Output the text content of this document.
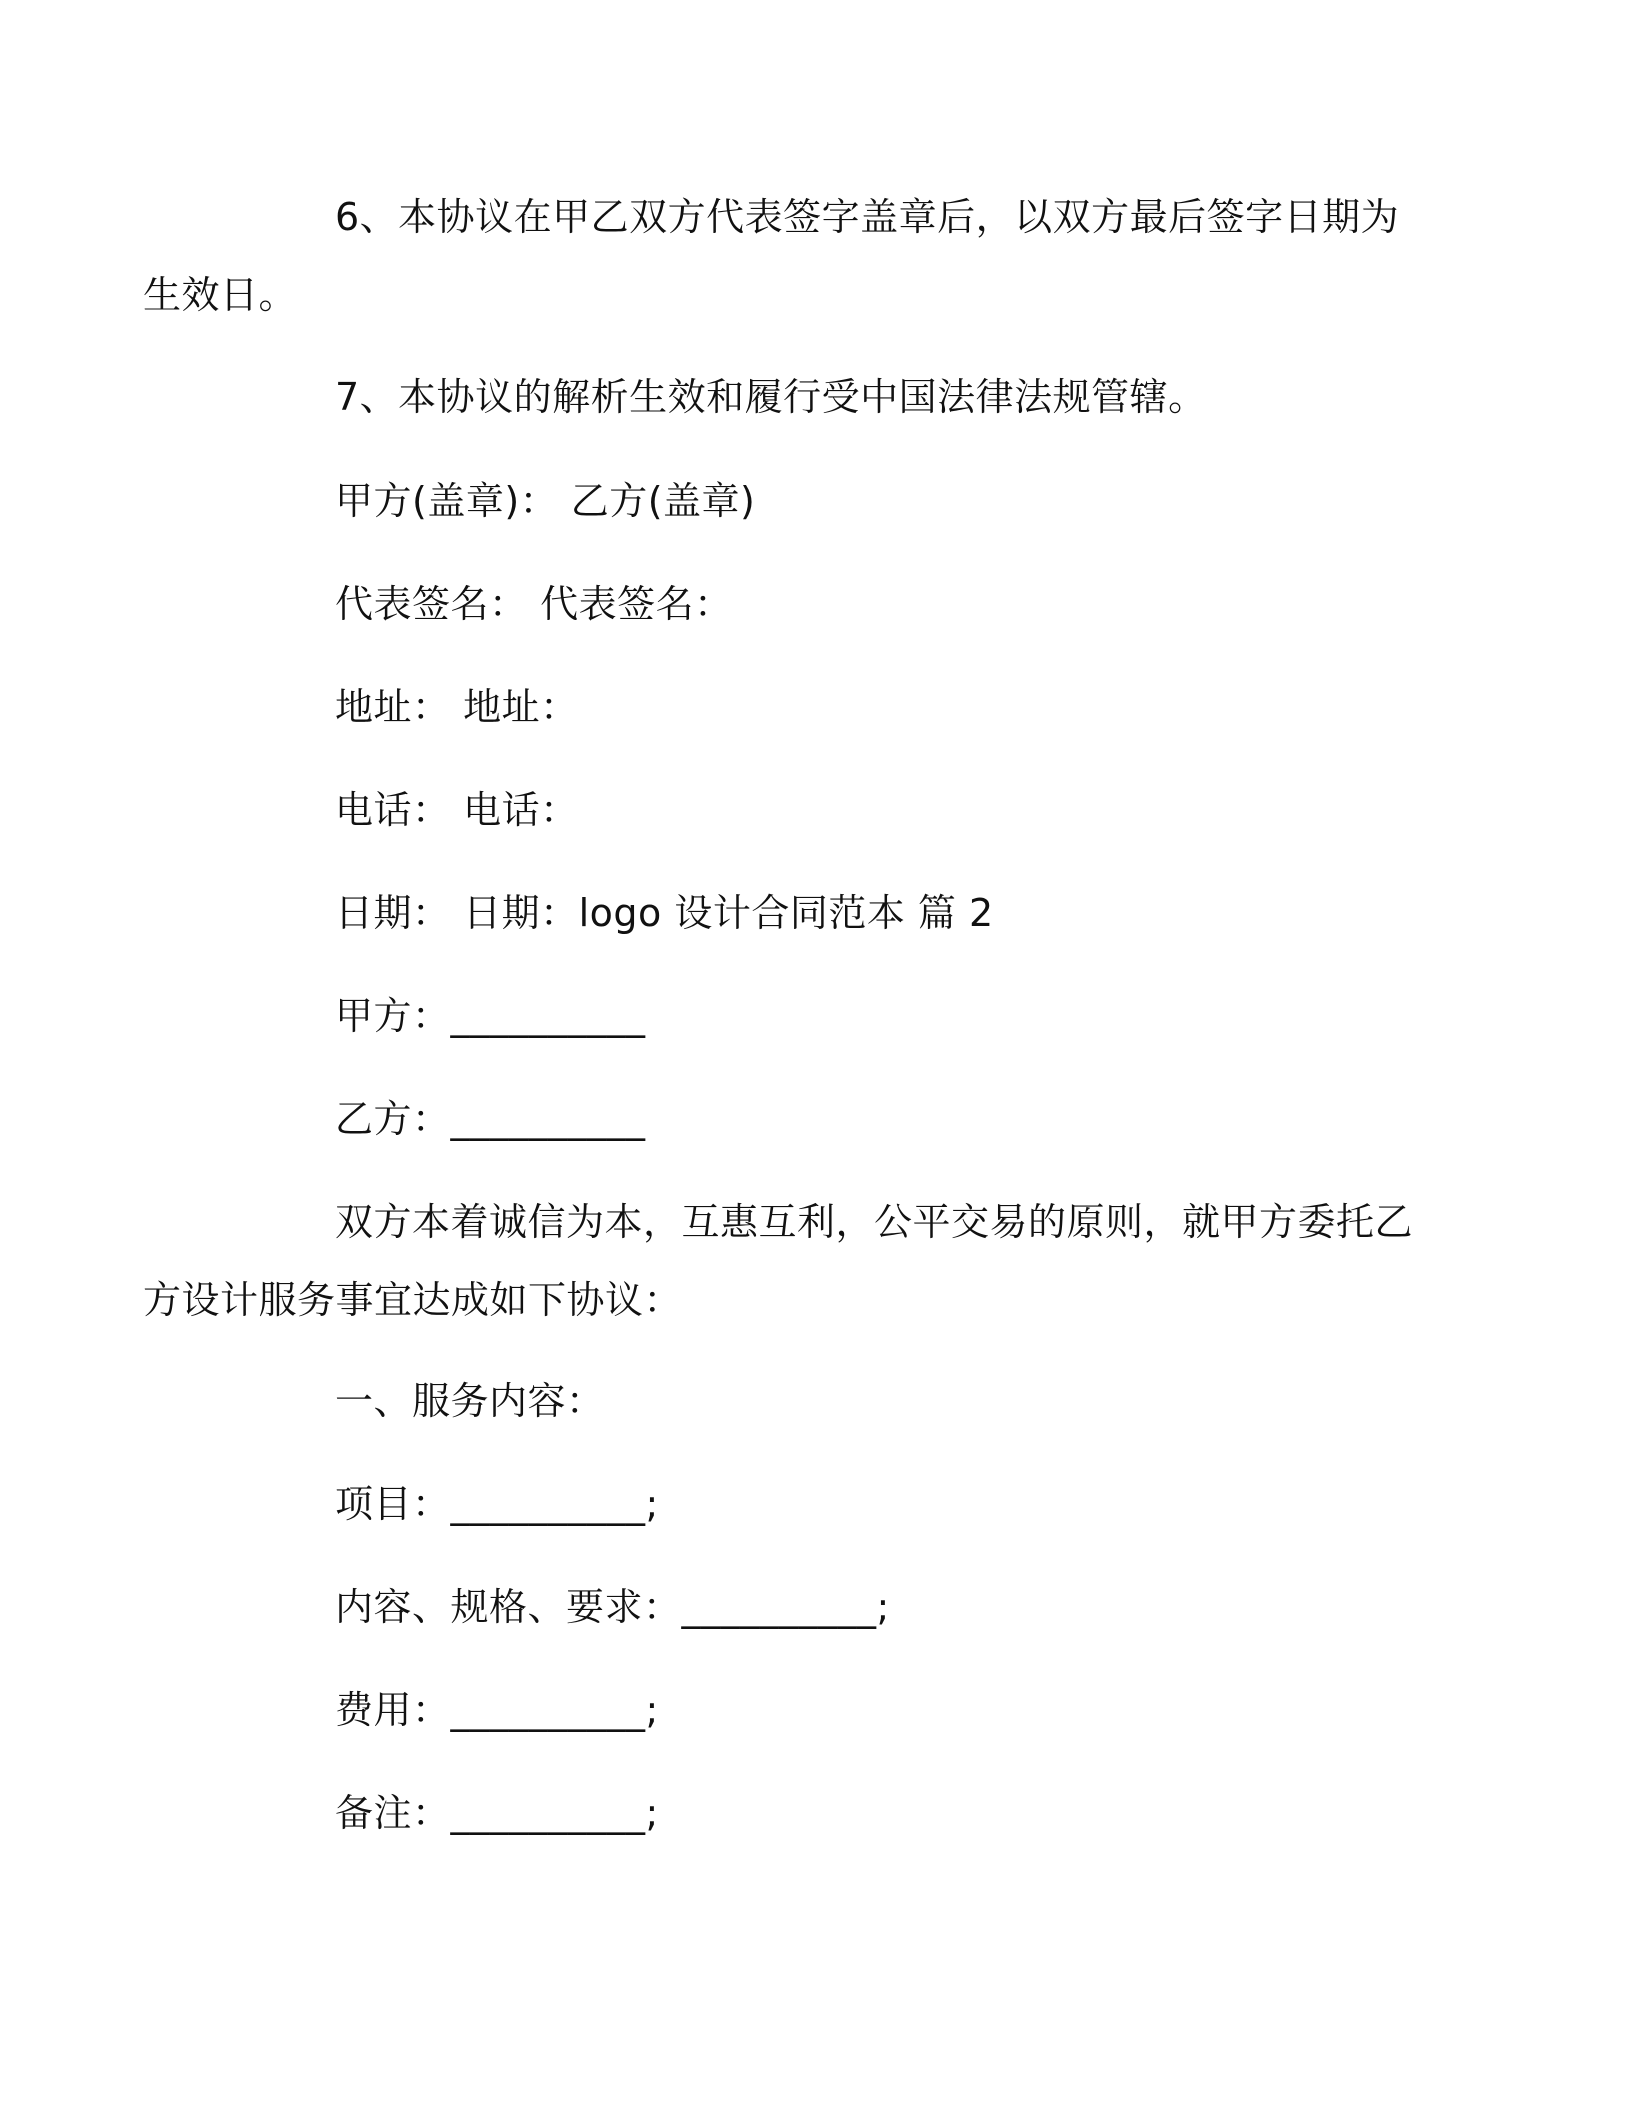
6、本协议在甲乙双方代表签字盖章后，以双方最后签字日期为
生效日。

7、本协议的解析生效和履行受中国法律法规管辖。

甲方(盖章)： 乙方(盖章)

代表签名： 代表签名：

地址： 地址：

电话： 电话：

日期： 日期：logo 设计合同范本 篇 2

甲方：__________

乙方：__________

双方本着诚信为本，互惠互利，公平交易的原则，就甲方委托乙
方设计服务事宜达成如下协议：

一、服务内容：

项目：__________;

内容、规格、要求：__________;

费用：__________;

备注：__________;
